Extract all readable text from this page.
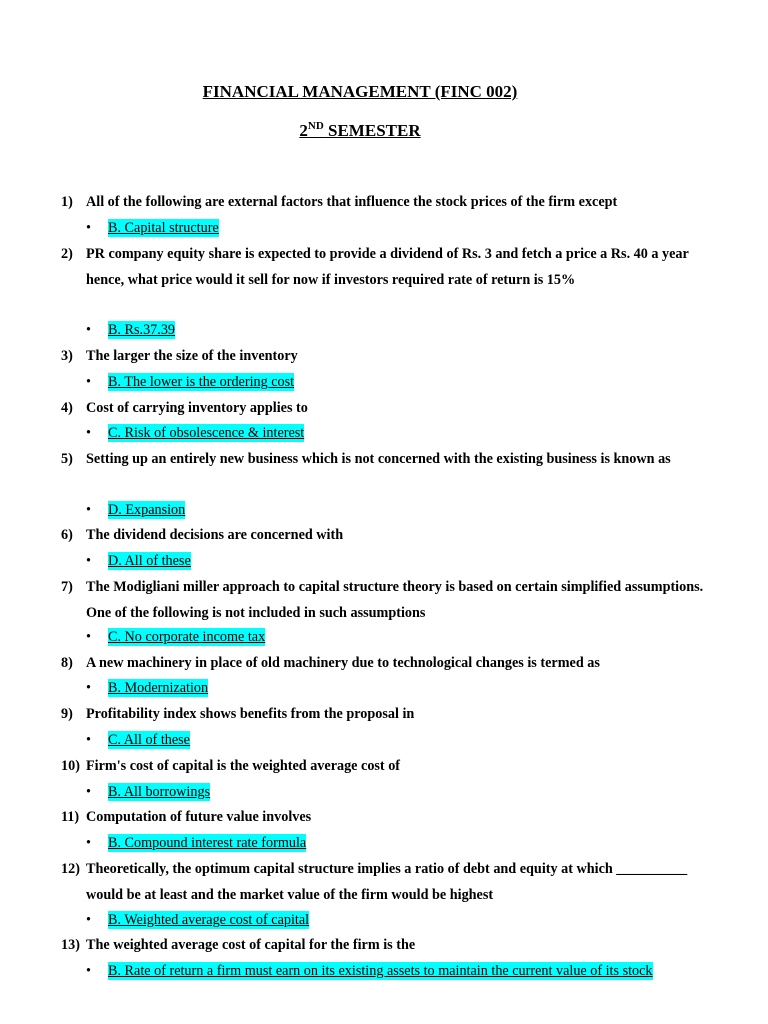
FINANCIAL MANAGEMENT (FINC 002)
2ND SEMESTER
1) All of the following are external factors that influence the stock prices of the firm except
• B. Capital structure
2) PR company equity share is expected to provide a dividend of Rs. 3 and fetch a price a Rs. 40 a year hence, what price would it sell for now if investors required rate of return is 15%
• B. Rs.37.39
3) The larger the size of the inventory
• B. The lower is the ordering cost
4) Cost of carrying inventory applies to
• C. Risk of obsolescence & interest
5) Setting up an entirely new business which is not concerned with the existing business is known as
• D. Expansion
6) The dividend decisions are concerned with
• D. All of these
7) The Modigliani miller approach to capital structure theory is based on certain simplified assumptions. One of the following is not included in such assumptions
• C. No corporate income tax
8) A new machinery in place of old machinery due to technological changes is termed as
• B. Modernization
9) Profitability index shows benefits from the proposal in
• C. All of these
10) Firm's cost of capital is the weighted average cost of
• B. All borrowings
11) Computation of future value involves
• B. Compound interest rate formula
12) Theoretically, the optimum capital structure implies a ratio of debt and equity at which __________ would be at least and the market value of the firm would be highest
• B. Weighted average cost of capital
13) The weighted average cost of capital for the firm is the
• B. Rate of return a firm must earn on its existing assets to maintain the current value of its stock
